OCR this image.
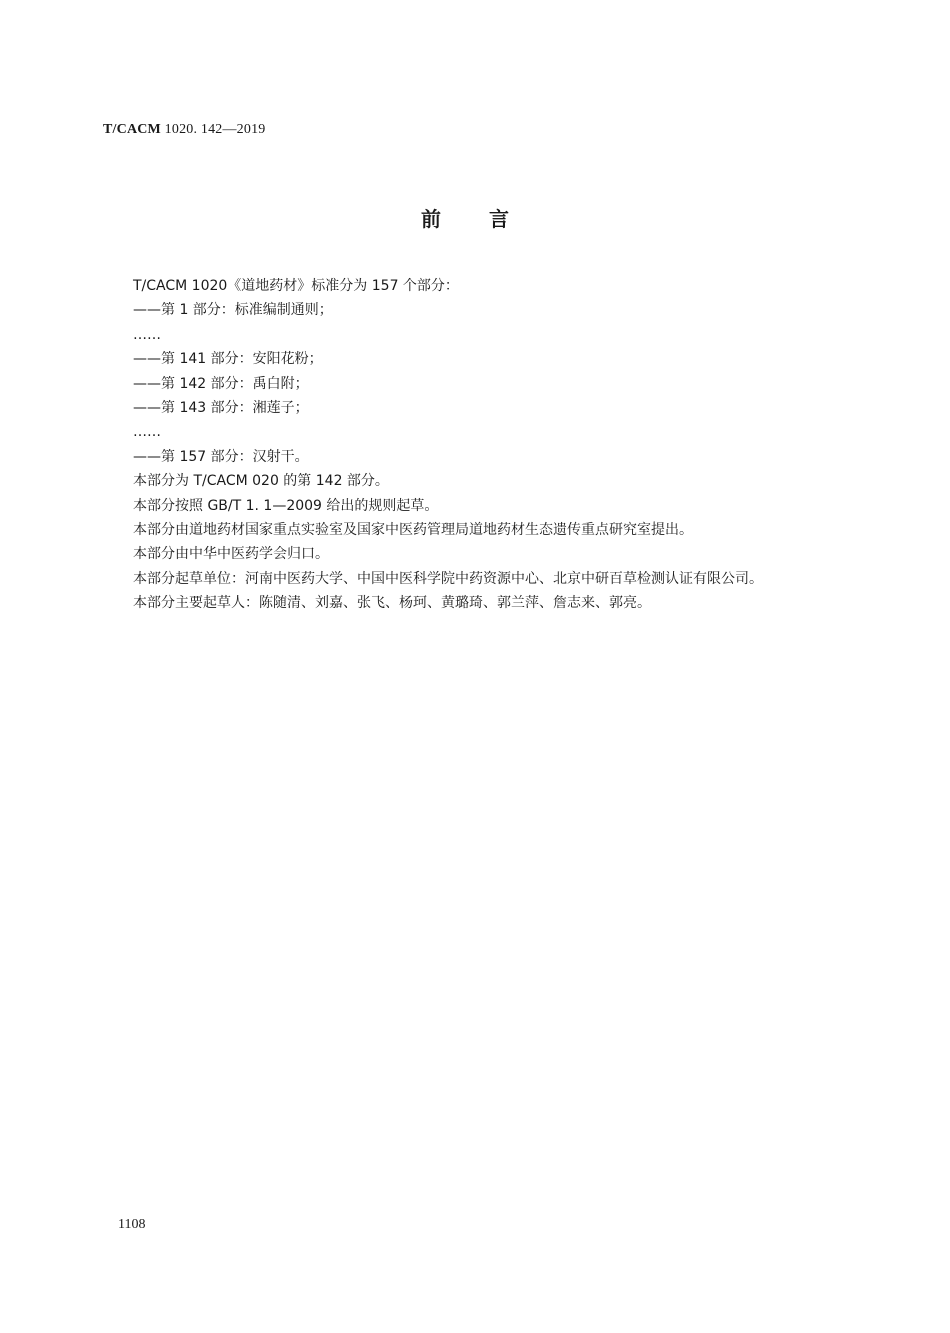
T/CACM 1020. 142—2019
前言

T/CACM 1020《道地药材》标准分为 157 个部分：

——第 1 部分：标准编制通则；

……

——第 141 部分：安阳花粉；

——第 142 部分：禹白附；

——第 143 部分：湘莲子；

……

——第 157 部分：汉射干。

本部分为 T/CACM 020 的第 142 部分。

本部分按照 GB/T 1. 1—2009 给出的规则起草。

本部分由道地药材国家重点实验室及国家中医药管理局道地药材生态遗传重点研究室提出。

本部分由中华中医药学会归口。

本部分起草单位：河南中医药大学、中国中医科学院中药资源中心、北京中研百草检测认证有限公司。

本部分主要起草人：陈随清、刘嘉、张飞、杨珂、黄璐琦、郭兰萍、詹志来、郭亮。

1108
